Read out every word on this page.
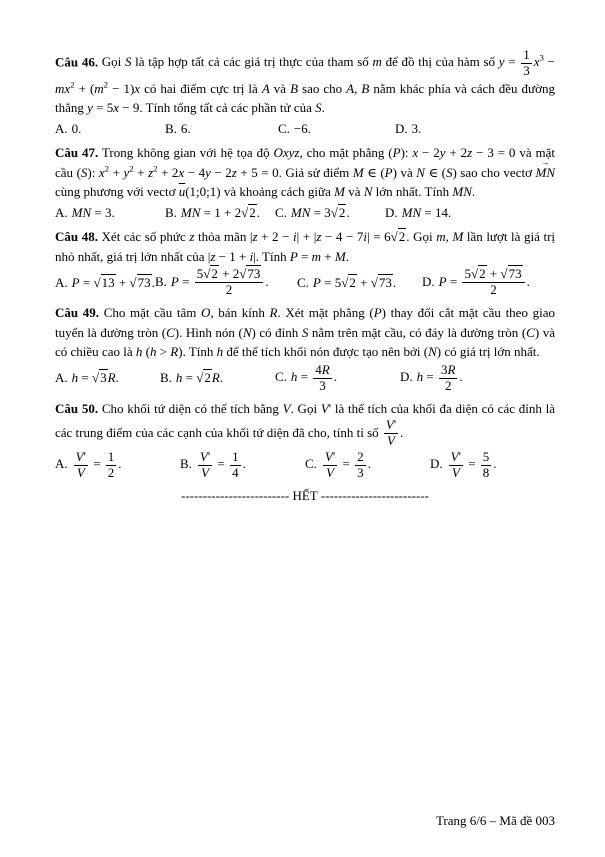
Câu 46. Gọi S là tập hợp tất cả các giá trị thực của tham số m để đồ thị của hàm số $y = \frac{1}{3} x^3 - mx^2 + (m^2 - 1)x$ có hai điểm cực trị là A và B sao cho A, B nằm khác phía và cách đều đường thẳng y = 5x − 9. Tính tổng tất cả các phần tử của S.

A. 0.	B. 6.	C. −6.	D. 3.

Câu 47. Trong không gian với hệ tọa độ Oxyz, cho mặt phẳng (P): x − 2y + 2z − 3 = 0 và mặt cầu (S): $x^2 + y^2 + z^2 + 2x - 4y - 2z + 5 = 0$. Giả sử điểm M ∈ (P) và N ∈ (S) sao cho vectơ MN → cùng phương với vectơ $\overline{u}(1;0;1)$ và khoảng cách giữa M và N lớn nhất. Tính MN.

A. MN = 3.	B. MN = 1 + 2√2.	C. MN = 3√2.	D. MN = 14.

Câu 48. Xét các số phức z thỏa mãn |z + 2 − i| + |z − 4 − 7i| = 6√2. Gọi m, M lần lượt là giá trị nhỏ nhất, giá trị lớn nhất của |z − 1 + i|. Tính P = m + M.

A. P = √13 + √73. B. $P = \frac{5√2 + 2√73}{2}$ .	C. P = 5√2 + √73.	D. $P = \frac{5√2 + √73}{2}$ .

Câu 49. Cho mặt cầu tâm O, bán kính R. Xét mặt phẳng (P) thay đổi cắt mặt cầu theo giao tuyến là đường tròn (C). Hình nón (N) có đỉnh S nằm trên mặt cầu, có đáy là đường tròn (C) và có chiều cao là h (h > R). Tính h để thể tích khối nón được tạo nên bởi (N) có giá trị lớn nhất.

A. h = √3R.	B. h = √2R.	C. $h = \frac{4R}{3}$ .	D. $h = \frac{3R}{2}$ .

Câu 50. Cho khối tứ diện có thể tích bằng V. Gọi V' là thể tích của khối đa diện có các đỉnh là các trung điểm của các cạnh của khối tứ diện đã cho, tính tỉ số $\frac{V'}{V}$ .

A. $\frac{V'}{V} = \frac{1}{2}$ .	B. $\frac{V'}{V} = \frac{1}{4}$ .	C. $\frac{V'}{V} = \frac{2}{3}$ .	D. $\frac{V'}{V} = \frac{5}{8}$ .
------------------------- HẾT -------------------------
Trang 6/6 – Mã đề 003
